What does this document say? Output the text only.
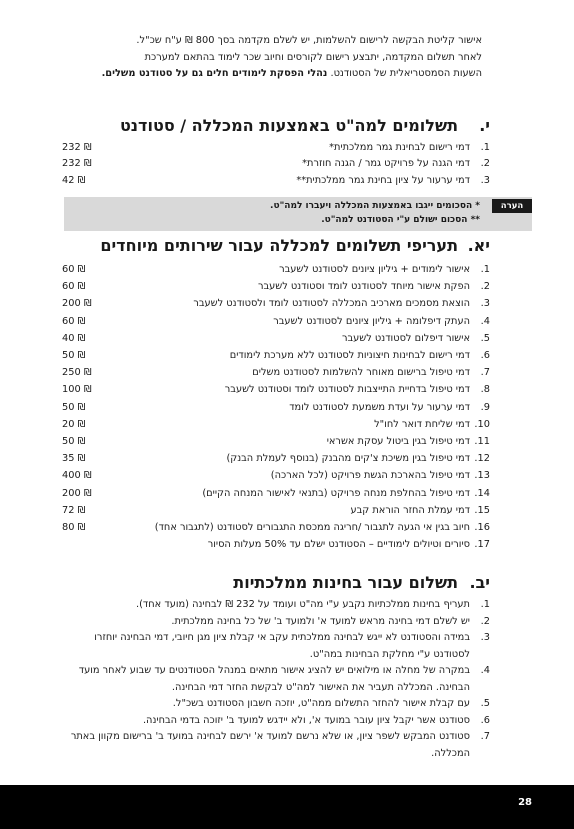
אישור קליטת הבקשה לרישום להשלמות, יש לשלם מקדמה בסך 800 ₪ ע"ח שכ"ל.
לאחר תשלום המקדמה, יתבצע רישום לקורסים וחיוב שכר לימוד בהתאם למערכת
השעות הסמסטריאלית של הסטודנט. נהלי הפסקת לימודים חלים גם על סטודנט משלים.
י.
תשלומים למה"ט באמצעות המכללה / סטודנט
1.
דמי רישום לבחינת גמר ממלכתית*
232 ₪
2.
דמי הגנה על פרויקט גמר / הגנה חוזרת*
232 ₪
3.
דמי ערעור על ציון בחינת גמר ממלכתית**
42 ₪
הערה
* הסכומים ייגבו באמצעות המכללה ויעברו למה"ט.
** הסכום ישולם ע"י הסטודנט למה"ט.
יא.
תעריפי תשלומים למכללה עבור שירותים מיוחדים
1.
אישור לימודים + גיליון ציונים לסטודנט לשעבר
60 ₪
2.
הפקת אישור מיוחד לסטודנט לומד וסטודנט לשעבר
60 ₪
3.
הוצאת מסמכים מארכיב המכללה לסטודנט לומד ולסטודנט לשעבר
200 ₪
4.
העתק דיפלומה + גיליון ציונים לסטודנט לשעבר
60 ₪
5.
אישור דיפלום לסטודנט לשעבר
40 ₪
6.
דמי רישום לבחינות חיצוניות לסטודנט ללא מערכת לימודים
50 ₪
7.
דמי טיפול ברישום מאוחר להשלמות לסטודנט משלים
250 ₪
8.
דמי טיפול בדחיית התייצבות לסטודנט לומד וסטודנט לשעבר
100 ₪
9.
דמי ערעור על ועדת משמעת לסטודנט לומד
50 ₪
10.
דמי שליחת דואר לחו"ל
20 ₪
11.
דמי טיפול בגין ביטול עסקת אשראי
50 ₪
12.
דמי טיפול בגין משיכת צ'קים מהבנק (בנוסף לעמלת הבנק)
35 ₪
13.
דמי טיפול בהארכת הגשת פרויקט (לכל הארכה)
400 ₪
14.
דמי טיפול בהחלפת מנחה פרויקט (בתנאי לאישור המנחה הקיים)
200 ₪
15.
דמי עמלת החזר הוראת קבע
72 ₪
16.
חיוב בגין אי הגעה לתגבור /חריגה ממכסת התגבורים לסטודנט (לתגבור אחד)
80 ₪
17.
סיורים וטיולים לימודיים – הסטודנט ישלם עד 50% מעלות הסיור
יב.
תשלום עבור בחינות ממלכתיות
1.
תעריף בחינות ממלכתיות נקבע ע"י מה"ט ועומד על 232 ₪ לבחינה (מועד אחד).
2.
יש לשלם דמי בחינה מראש למועד א' ולמועד ב' של כל בחינה ממלכתית.
3.
במידה והסטודנט לא ייגש לבחינה ממלכתית עקב אי קבלת ציון מגן חיובי, דמי הבחינה יוחזרו לסטודנט ע"י מחלקת הבחינות במה"ט.
4.
במקרה של מחלה או מילואים יש להציג אישור מתאים במנהל הסטודנטים עד שבוע לאחר מועד הבחינה. המכללה תעביר את האישור למה"ט לבקשת החזר דמי הבחינה.
5.
עם קבלת אישור להחזר התשלום ממה"ט, יוזכה חשבון הסטודנט בשכ"ל.
6.
סטודנט אשר יקבל ציון עובר במועד א', ולא יידגש למועד ב' יזוכה בדמי הבחינה.
7.
סטודנט המבקש לשפר ציון, או שלא נרשם למועד א' ירשם לבחינה במועד ב' ברישום מקוון באתר המכללה.
28
